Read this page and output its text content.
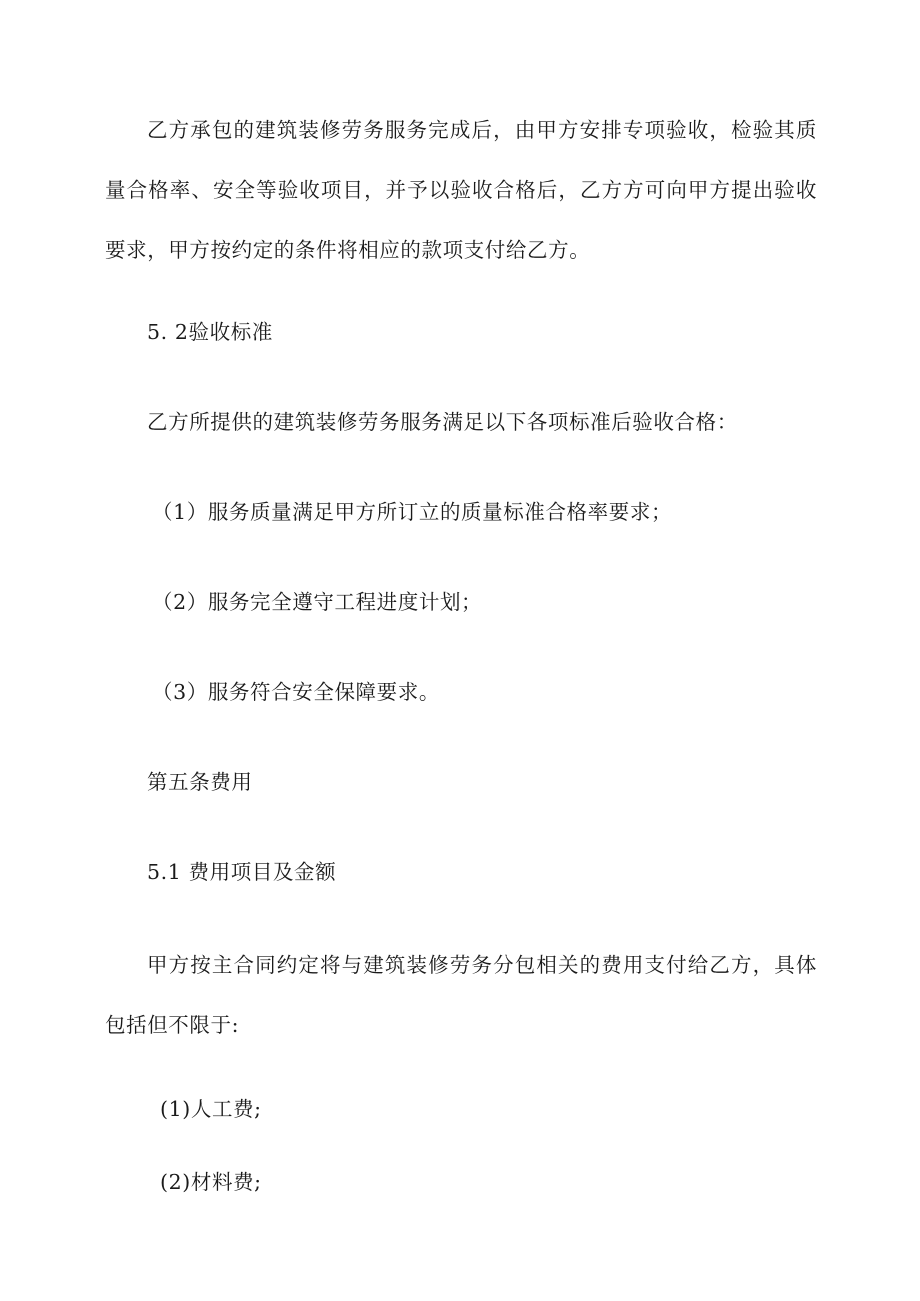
乙方承包的建筑装修劳务服务完成后，由甲方安排专项验收，检验其质量合格率、安全等验收项目，并予以验收合格后，乙方方可向甲方提出验收要求，甲方按约定的条件将相应的款项支付给乙方。
5. 2验收标准
乙方所提供的建筑装修劳务服务满足以下各项标准后验收合格：
（1）服务质量满足甲方所订立的质量标准合格率要求；
（2）服务完全遵守工程进度计划；
（3）服务符合安全保障要求。
第五条费用
5.1 费用项目及金额
甲方按主合同约定将与建筑装修劳务分包相关的费用支付给乙方，具体包括但不限于:
(1)人工费;
(2)材料费;
